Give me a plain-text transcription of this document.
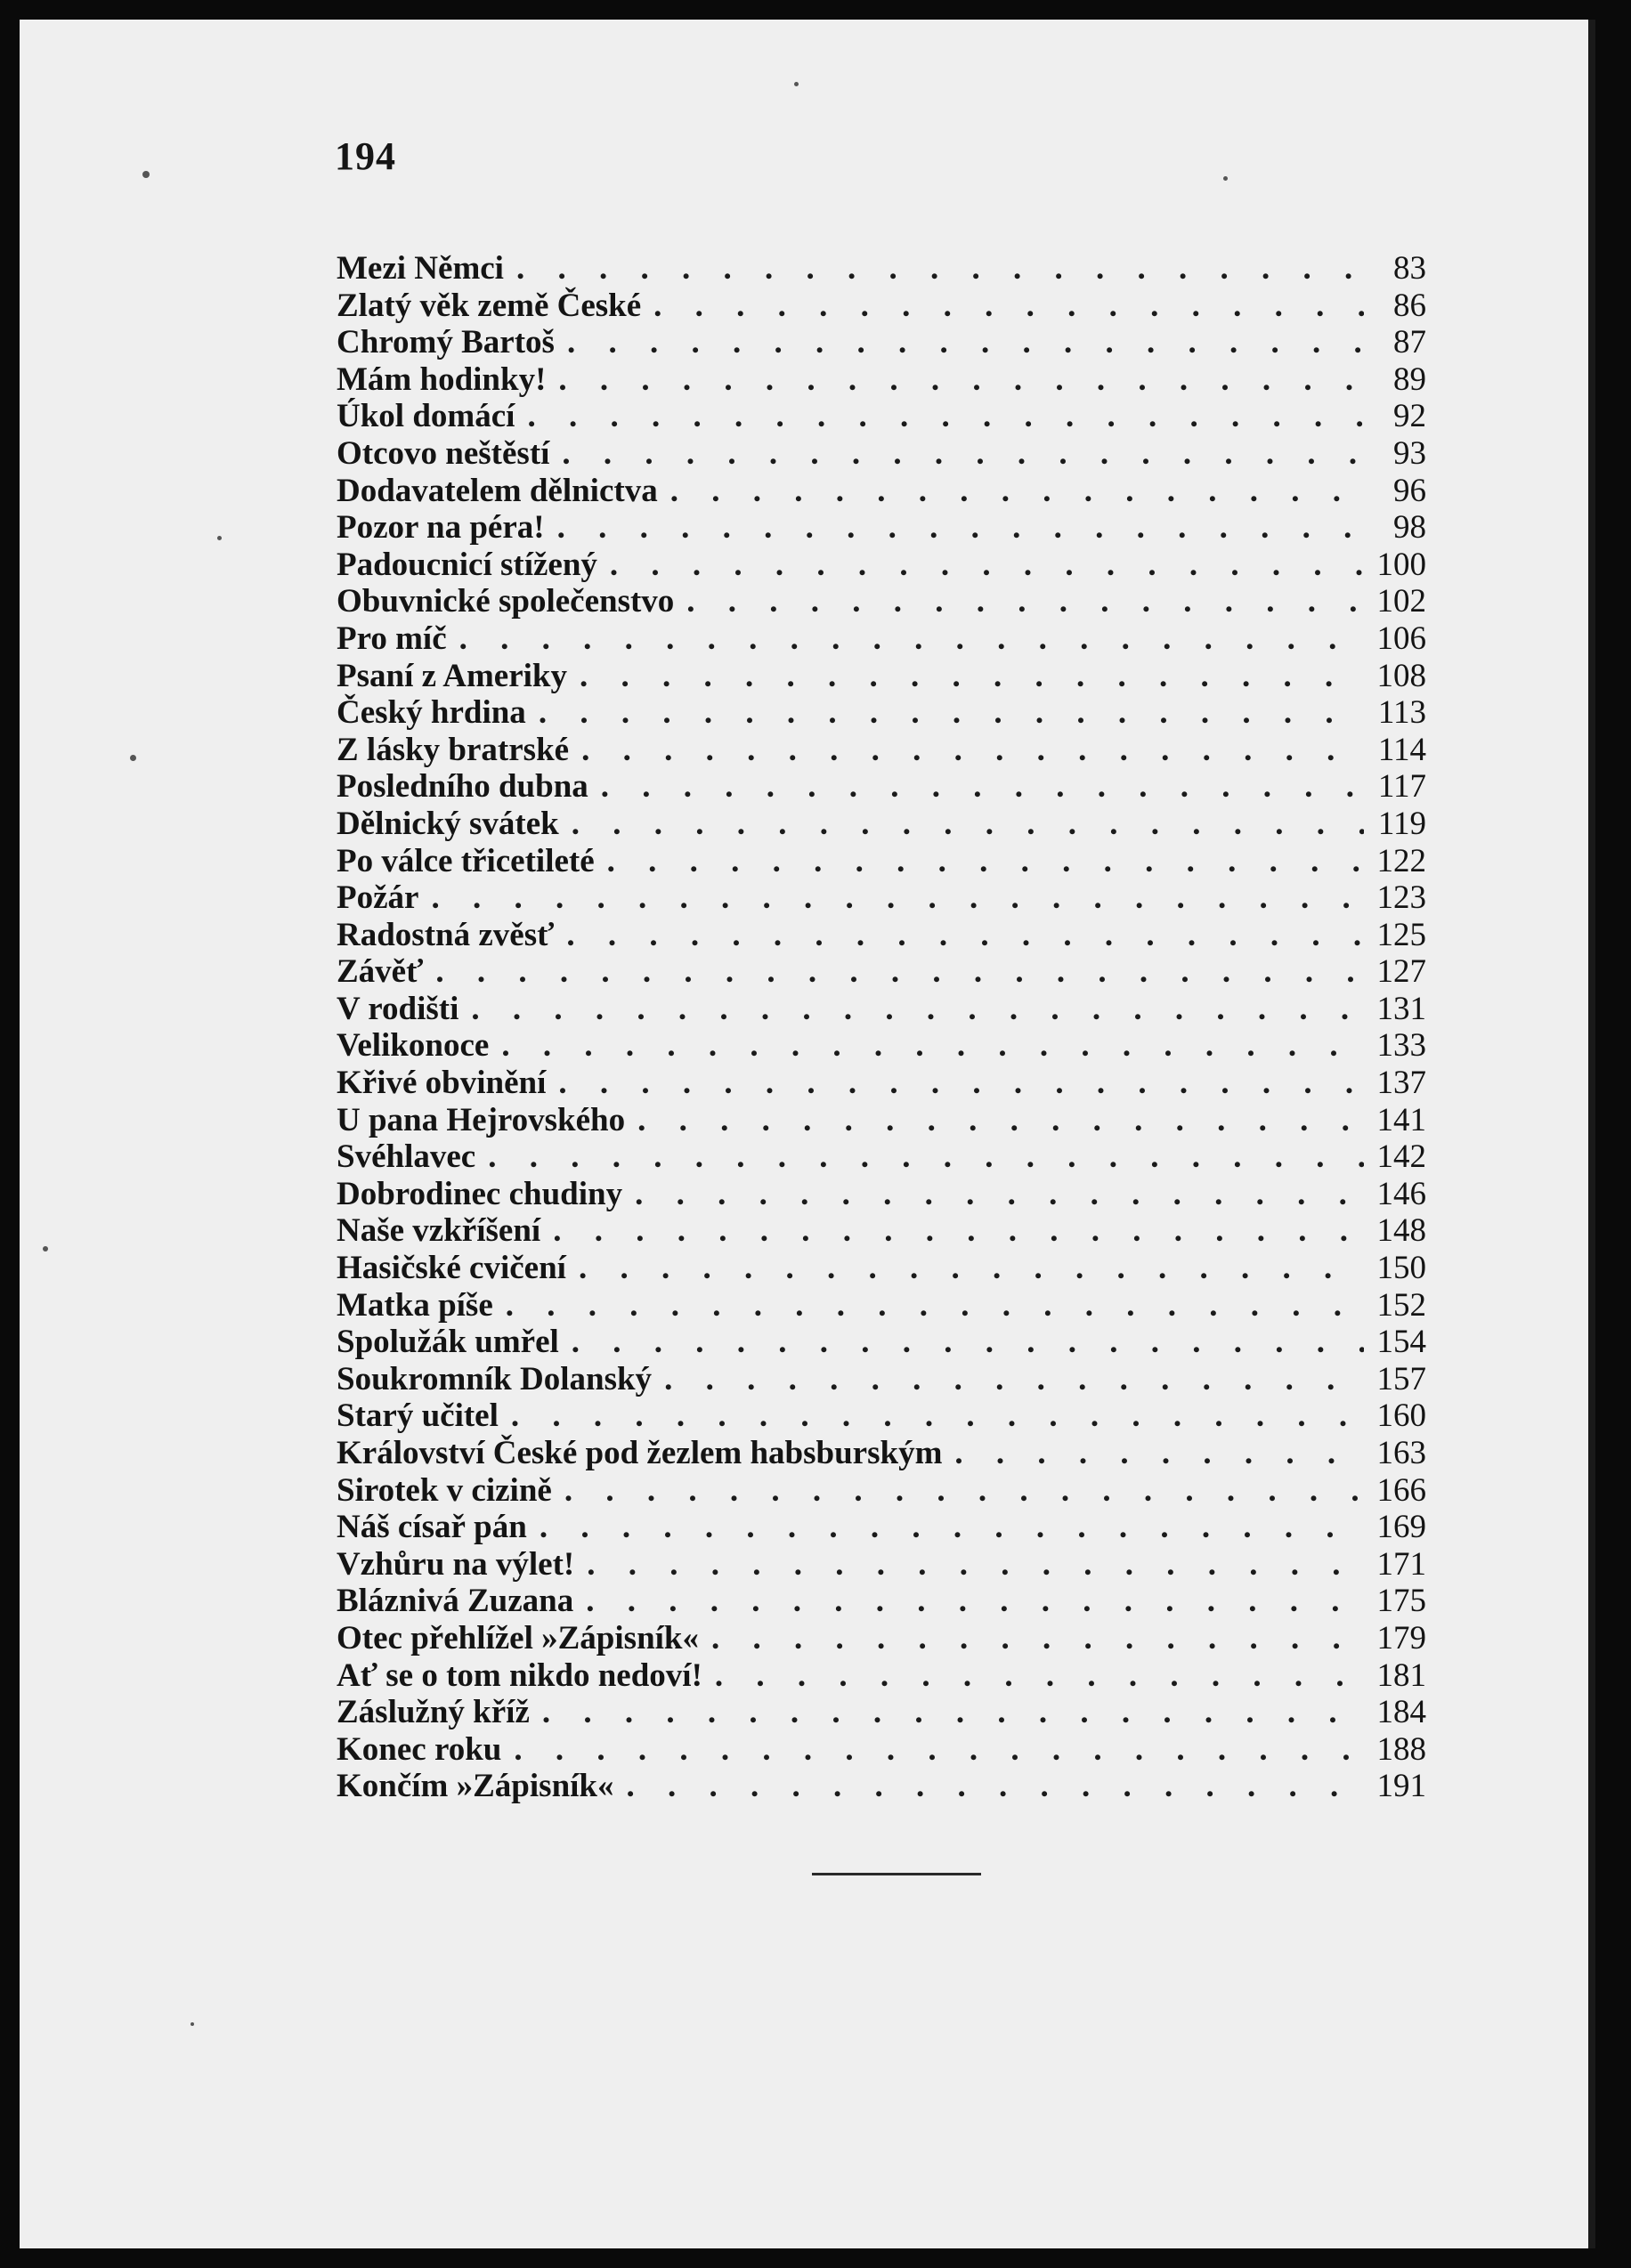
194
Mezi Němci . . .	83
Zlatý věk země České . . .	86
Chromý Bartoš . . .	87
Mám hodinky! . . .	89
Úkol domácí . . .	92
Otcovo neštěstí . . .	93
Dodavatelem dělnictva . . .	96
Pozor na péra! . . .	98
Padoucnicí stížený . . .	100
Obuvnické společenstvo . . .	102
Pro míč . . .	106
Psaní z Ameriky . . .	108
Český hrdina . . .	113
Z lásky bratrské . . .	114
Posledního dubna . . .	117
Dělnický svátek . . .	119
Po válce třicetileté . . .	122
Požár . . .	123
Radostná zvěsť . . .	125
Závěť . . .	127
V rodišti . . .	131
Velikonoce . . .	133
Křivé obvinění . . .	137
U pana Hejrovského . . .	141
Svéhlavec . . .	142
Dobrodinec chudiny . . .	146
Naše vzkříšení . . .	148
Hasičské cvičení . . .	150
Matka píše . . .	152
Spolužák umřel . . .	154
Soukromník Dolanský . . .	157
Starý učitel . . .	160
Království České pod žezlem habsburským . . .	163
Sirotek v cizině . . .	166
Náš císař pán . . .	169
Vzhůru na výlet! . . .	171
Bláznivá Zuzana . . .	175
Otec přehlížel »Zápisník« . . .	179
Ať se o tom nikdo nedoví! . . .	181
Záslužný kříž . . .	184
Konec roku . . .	188
Končím »Zápisník« . . .	191
